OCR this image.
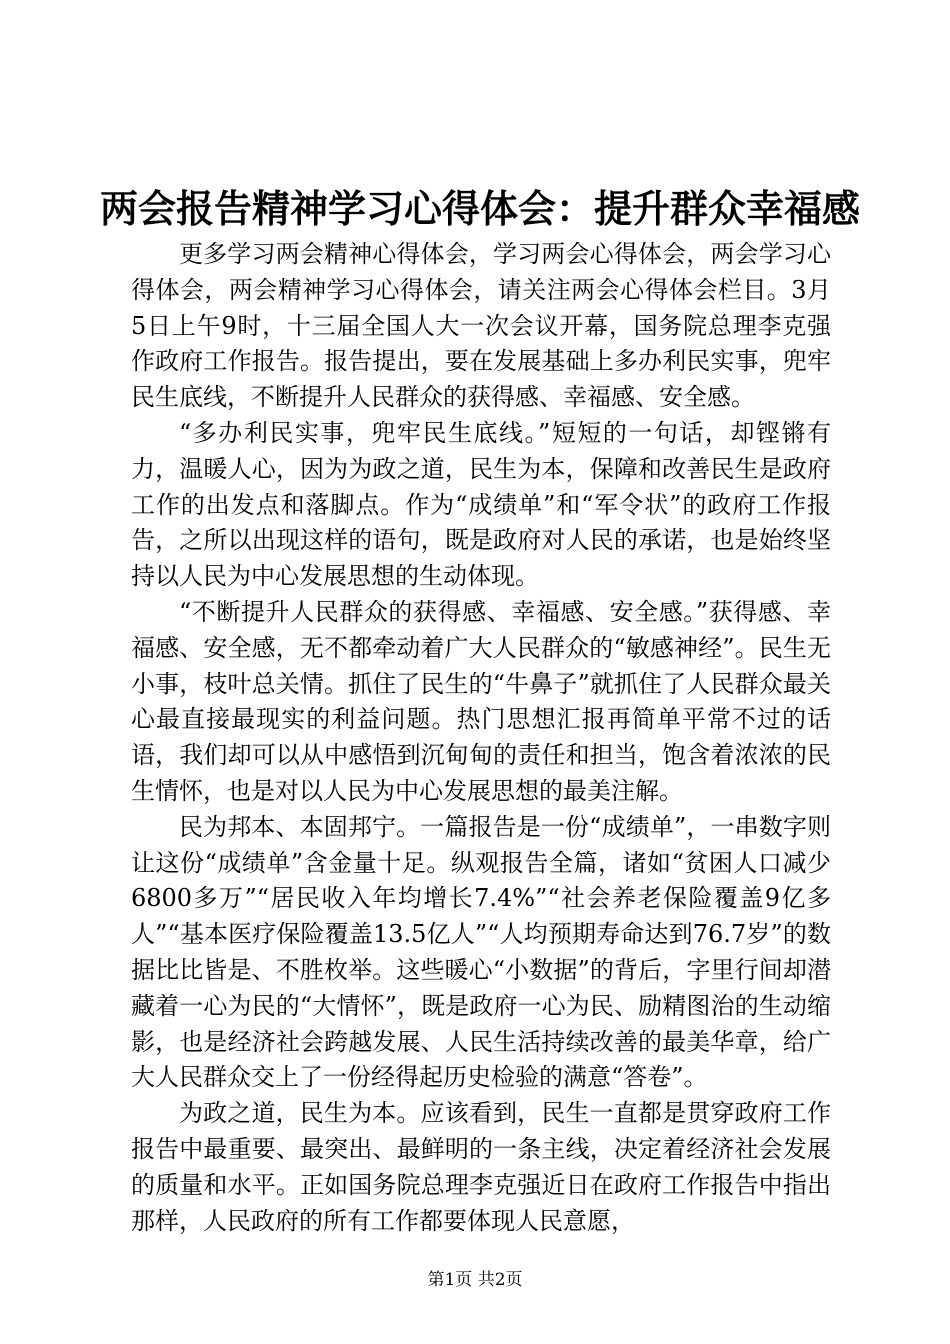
两会报告精神学习心得体会：提升群众幸福感

更多学习两会精神心得体会，学习两会心得体会，两会学习心得体会，两会精神学习心得体会，请关注两会心得体会栏目。3月5日上午9时，十三届全国人大一次会议开幕，国务院总理李克强作政府工作报告。报告提出，要在发展基础上多办利民实事，兜牢民生底线，不断提升人民群众的获得感、幸福感、安全感。

“多办利民实事，兜牢民生底线。”短短的一句话，却铿锵有力，温暖人心，因为为政之道，民生为本，保障和改善民生是政府工作的出发点和落脚点。作为“成绩单”和“军令状”的政府工作报告，之所以出现这样的语句，既是政府对人民的承诺，也是始终坚持以人民为中心发展思想的生动体现。

“不断提升人民群众的获得感、幸福感、安全感。”获得感、幸福感、安全感，无不都牵动着广大人民群众的“敏感神经”。民生无小事，枝叶总关情。抓住了民生的“牛鼻子”就抓住了人民群众最关心最直接最现实的利益问题。热门思想汇报再简单平常不过的话语，我们却可以从中感悟到沉甸甸的责任和担当，饱含着浓浓的民生情怀，也是对以人民为中心发展思想的最美注解。

民为邦本、本固邦宁。一篇报告是一份“成绩单”，一串数字则让这份“成绩单”含金量十足。纵观报告全篇，诸如“贫困人口减少6800多万”“居民收入年均增长7.4%”“社会养老保险覆盖9亿多人”“基本医疗保险覆盖13.5亿人”“人均预期寿命达到76.7岁”的数据比比皆是、不胜枚举。这些暖心“小数据”的背后，字里行间却潜藏着一心为民的“大情怀”，既是政府一心为民、励精图治的生动缩影，也是经济社会跨越发展、人民生活持续改善的最美华章，给广大人民群众交上了一份经得起历史检验的满意“答卷”。

为政之道，民生为本。应该看到，民生一直都是贯穿政府工作报告中最重要、最突出、最鲜明的一条主线，决定着经济社会发展的质量和水平。正如国务院总理李克强近日在政府工作报告中指出那样，人民政府的所有工作都要体现人民意愿，

第1页 共2页
